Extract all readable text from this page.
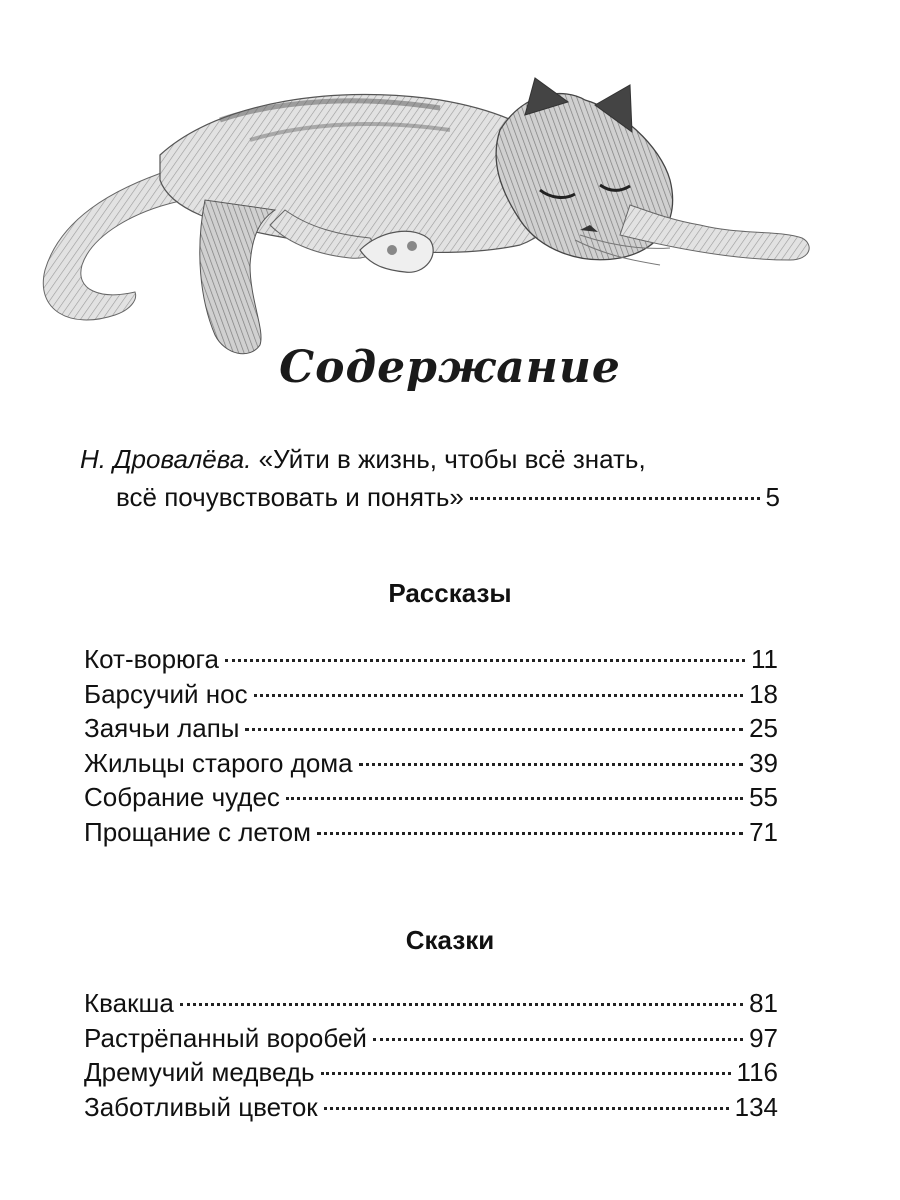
Содержание
Н. Дровалёва. «Уйти в жизнь, чтобы всё знать,
всё почувствовать и понять»	5
Рассказы
Кот-ворюга	11
Барсучий нос	18
Заячьи лапы	25
Жильцы старого дома	39
Собрание чудес	55
Прощание с летом	71
Сказки
Квакша	81
Растрёпанный воробей	97
Дремучий медведь	116
Заботливый цветок	134
